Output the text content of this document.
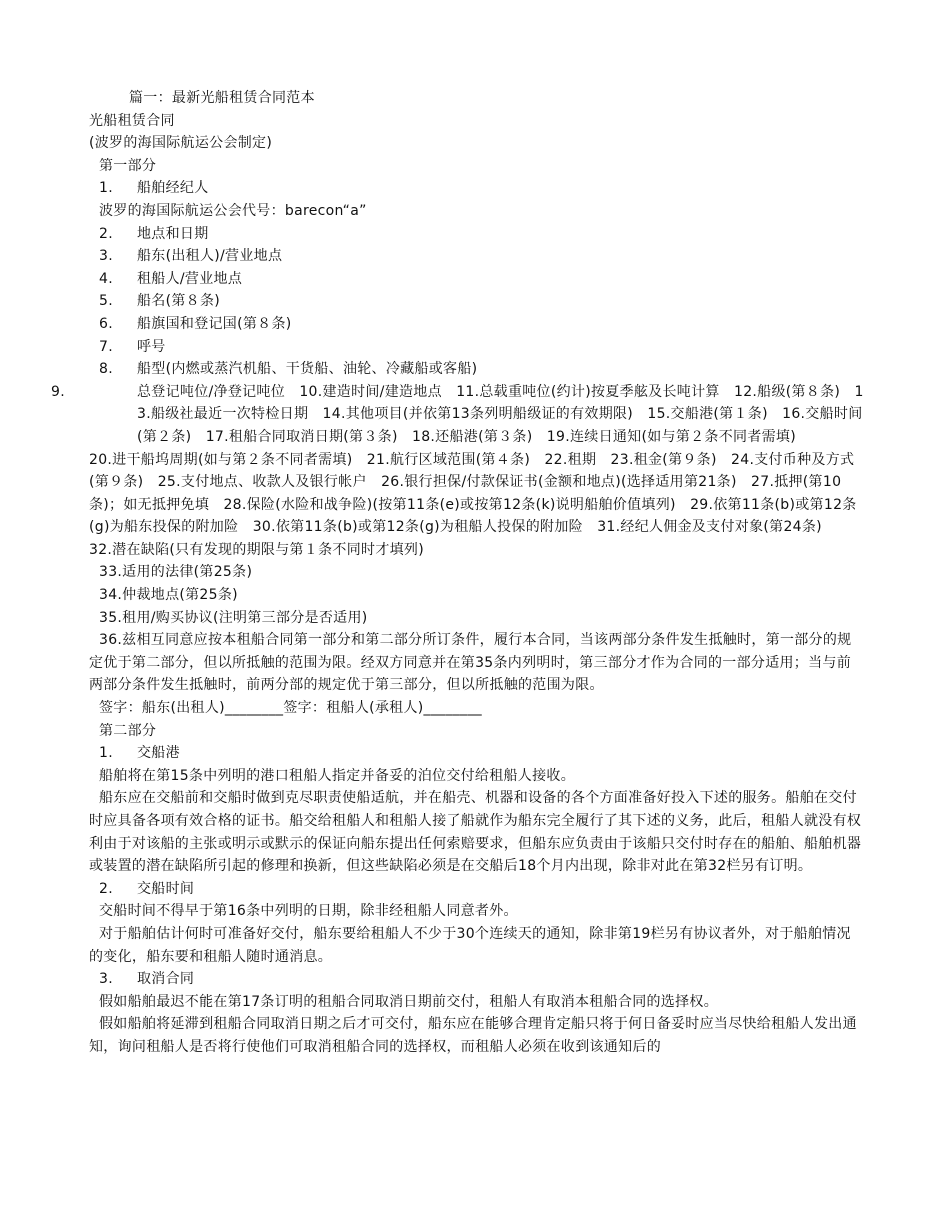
篇一：最新光船租赁合同范本

光船租赁合同

(波罗的海国际航运公会制定)

第一部分

1. 船舶经纪人

波罗的海国际航运公会代号：barecon“a”

2. 地点和日期

3. 船东(出租人)/营业地点

4. 租船人/营业地点

5. 船名(第８条)

6. 船旗国和登记国(第８条)

7. 呼号

8. 船型(内燃或蒸汽机船、干货船、油轮、冷藏船或客船)

9.	总登记吨位/净登记吨位　10.建造时间/建造地点　11.总载重吨位(约计)按夏季舷及长吨计算　12.船级(第８条)　13.船级社最近一次特检日期　14.其他项目(并依第13条列明船级证的有效期限)　15.交船港(第１条)　16.交船时间(第２条)　17.租船合同取消日期(第３条)　18.还船港(第３条)　19.连续日通知(如与第２条不同者需填)

20.进干船坞周期(如与第２条不同者需填)　21.航行区域范围(第４条)　22.租期　23.租金(第９条)　24.支付币种及方式(第９条)　25.支付地点、收款人及银行帐户　26.银行担保/付款保证书(金额和地点)(选择适用第21条)　27.抵押(第10条)；如无抵押免填　28.保险(水险和战争险)(按第11条(e)或按第12条(k)说明船舶价值填列)　29.依第11条(b)或第12条(g)为船东投保的附加险　30.依第11条(b)或第12条(g)为租船人投保的附加险　31.经纪人佣金及支付对象(第24条)

32.潜在缺陷(只有发现的期限与第１条不同时才填列)

33.适用的法律(第25条)

34.仲裁地点(第25条)

35.租用/购买协议(注明第三部分是否适用)

36.兹相互同意应按本租船合同第一部分和第二部分所订条件，履行本合同，当该两部分条件发生抵触时，第一部分的规定优于第二部分，但以所抵触的范围为限。经双方同意并在第35条内列明时，第三部分才作为合同的一部分适用；当与前两部分条件发生抵触时，前两分部的规定优于第三部分，但以所抵触的范围为限。

签字：船东(出租人)________签字：租船人(承租人)________

第二部分

1. 交船港

船舶将在第15条中列明的港口租船人指定并备妥的泊位交付给租船人接收。

船东应在交船前和交船时做到克尽职责使船适航，并在船壳、机器和设备的各个方面准备好投入下述的服务。船舶在交付时应具备各项有效合格的证书。船交给租船人和租船人接了船就作为船东完全履行了其下述的义务，此后，租船人就没有权利由于对该船的主张或明示或默示的保证向船东提出任何索赔要求，但船东应负责由于该船只交付时存在的船舶、船舶机器或装置的潜在缺陷所引起的修理和换新，但这些缺陷必须是在交船后18个月内出现，除非对此在第32栏另有订明。

2. 交船时间

交船时间不得早于第16条中列明的日期，除非经租船人同意者外。

对于船舶估计何时可准备好交付，船东要给租船人不少于30个连续天的通知，除非第19栏另有协议者外，对于船舶情况的变化，船东要和租船人随时通消息。

3. 取消合同

假如船舶最迟不能在第17条订明的租船合同取消日期前交付，租船人有取消本租船合同的选择权。

假如船舶将延滞到租船合同取消日期之后才可交付，船东应在能够合理肯定船只将于何日备妥时应当尽快给租船人发出通知，询问租船人是否将行使他们可取消租船合同的选择权，而租船人必须在收到该通知后的
